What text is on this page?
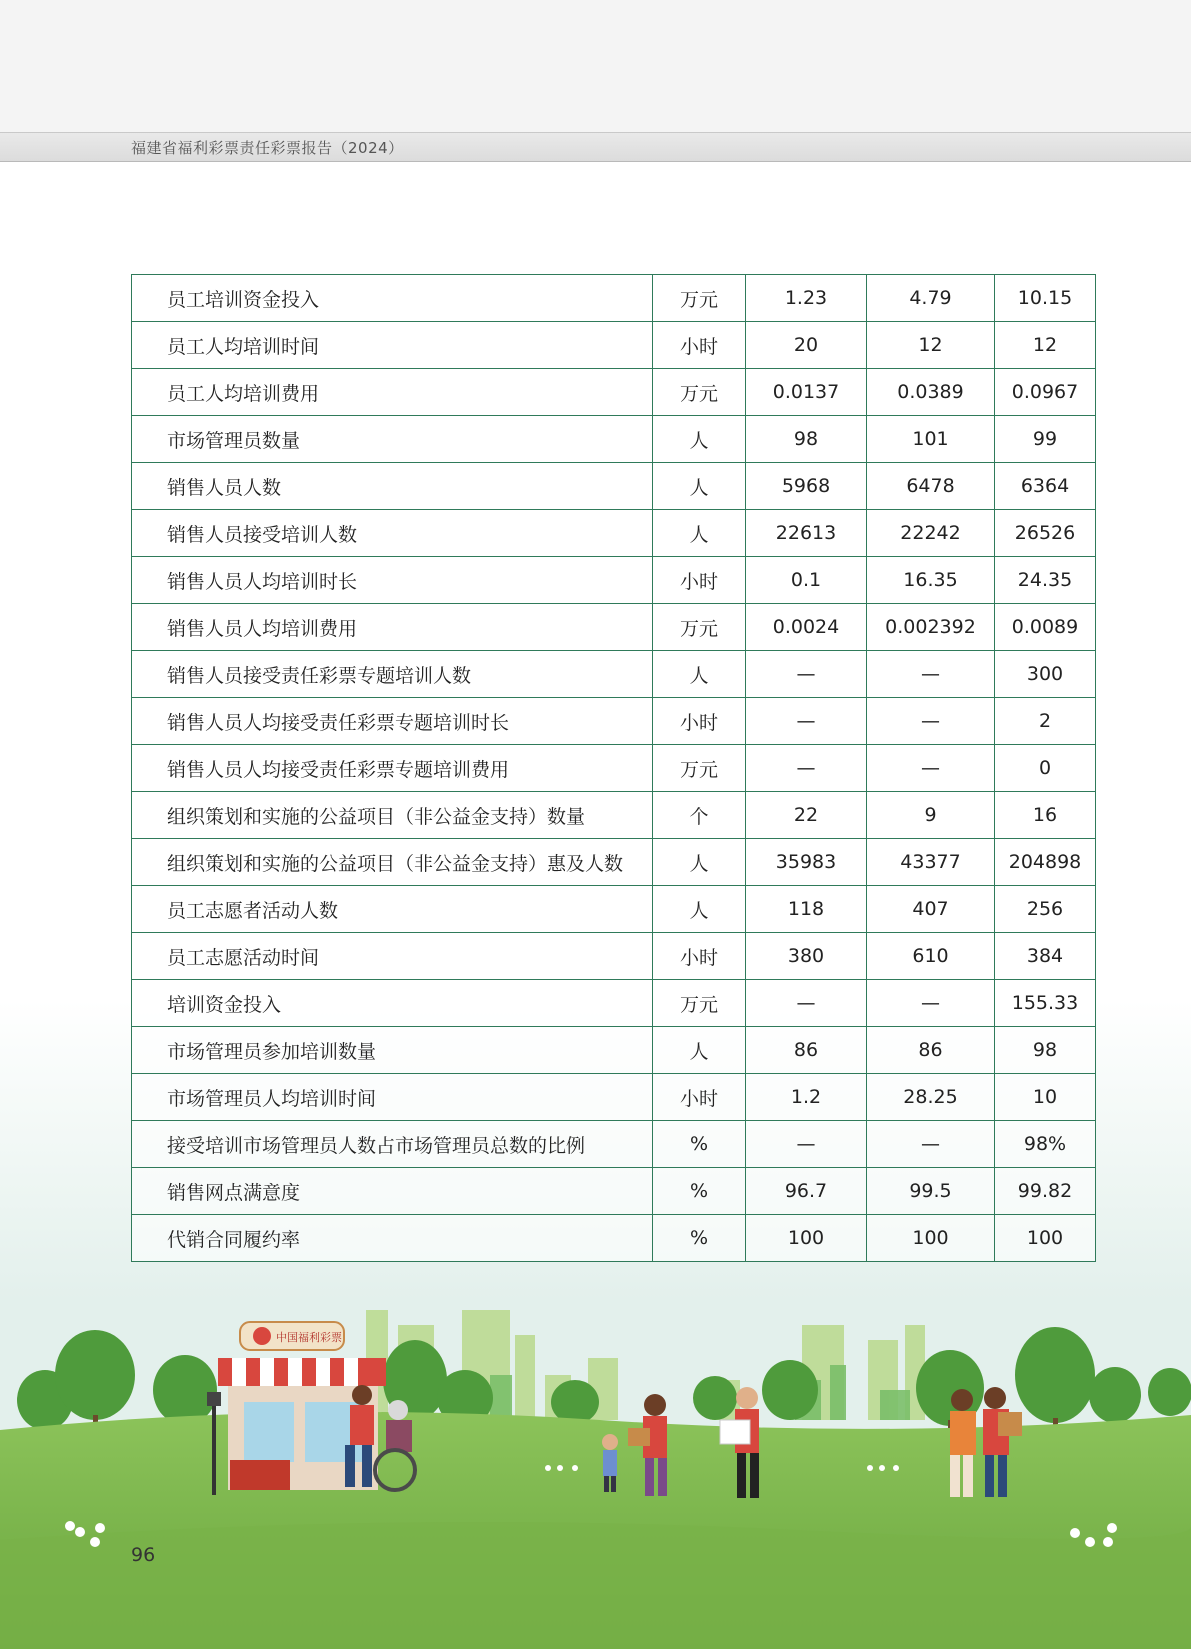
福建省福利彩票责任彩票报告（2024）
员工培训资金投入	万元	1.23	4.79	10.15
员工人均培训时间	小时	20	12	12
员工人均培训费用	万元	0.0137	0.0389	0.0967
市场管理员数量	人	98	101	99
销售人员人数	人	5968	6478	6364
销售人员接受培训人数	人	22613	22242	26526
销售人员人均培训时长	小时	0.1	16.35	24.35
销售人员人均培训费用	万元	0.0024	0.002392	0.0089
销售人员接受责任彩票专题培训人数	人	—	—	300
销售人员人均接受责任彩票专题培训时长	小时	—	—	2
销售人员人均接受责任彩票专题培训费用	万元	—	—	0
组织策划和实施的公益项目（非公益金支持）数量	个	22	9	16
组织策划和实施的公益项目（非公益金支持）惠及人数	人	35983	43377	204898
员工志愿者活动人数	人	118	407	256
员工志愿活动时间	小时	380	610	384
培训资金投入	万元	—	—	155.33
市场管理员参加培训数量	人	86	86	98
市场管理员人均培训时间	小时	1.2	28.25	10
接受培训市场管理员人数占市场管理员总数的比例	%	—	—	98%
销售网点满意度	%	96.7	99.5	99.82
代销合同履约率	%	100	100	100
中国福利彩票
96
